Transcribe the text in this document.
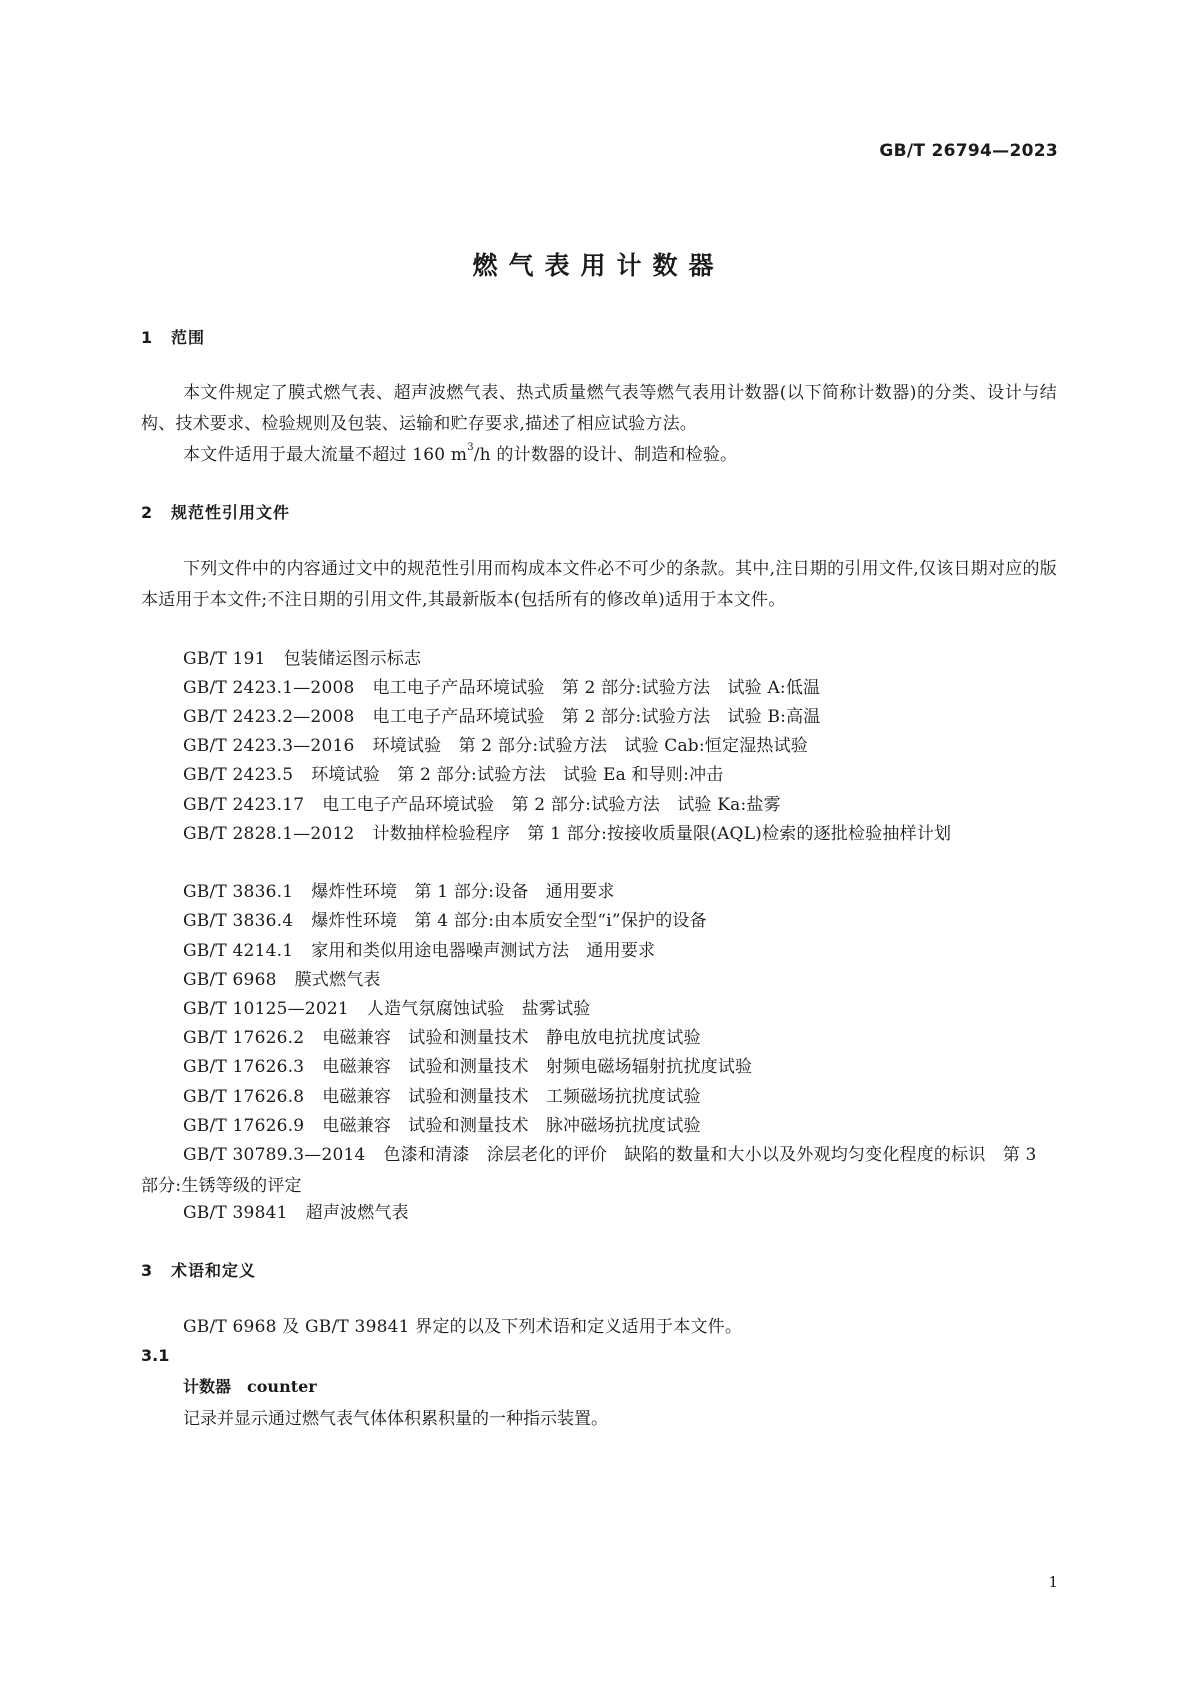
GB/T 26794—2023
燃气表用计数器
1 范围
本文件规定了膜式燃气表、超声波燃气表、热式质量燃气表等燃气表用计数器(以下简称计数器)的分类、设计与结构、技术要求、检验规则及包装、运输和贮存要求,描述了相应试验方法。
本文件适用于最大流量不超过 160 $m^3/h$ 的计数器的设计、制造和检验。
2 规范性引用文件
下列文件中的内容通过文中的规范性引用而构成本文件必不可少的条款。其中,注日期的引用文件,仅该日期对应的版本适用于本文件;不注日期的引用文件,其最新版本(包括所有的修改单)适用于本文件。
GB/T 191 包装储运图示标志
GB/T 2423.1—2008 电工电子产品环境试验　第 2 部分:试验方法　试验 A:低温
GB/T 2423.2—2008 电工电子产品环境试验　第 2 部分:试验方法　试验 B:高温
GB/T 2423.3—2016 环境试验　第 2 部分:试验方法　试验 Cab:恒定湿热试验
GB/T 2423.5 环境试验　第 2 部分:试验方法　试验 Ea 和导则:冲击
GB/T 2423.17 电工电子产品环境试验　第 2 部分:试验方法　试验 Ka:盐雾
GB/T 2828.1—2012 计数抽样检验程序　第 1 部分:按接收质量限(AQL)检索的逐批检验抽样计划
GB/T 3836.1 爆炸性环境　第 1 部分:设备　通用要求
GB/T 3836.4 爆炸性环境　第 4 部分:由本质安全型“i”保护的设备
GB/T 4214.1 家用和类似用途电器噪声测试方法　通用要求
GB/T 6968 膜式燃气表
GB/T 10125—2021 人造气氛腐蚀试验　盐雾试验
GB/T 17626.2 电磁兼容　试验和测量技术　静电放电抗扰度试验
GB/T 17626.3 电磁兼容　试验和测量技术　射频电磁场辐射抗扰度试验
GB/T 17626.8 电磁兼容　试验和测量技术　工频磁场抗扰度试验
GB/T 17626.9 电磁兼容　试验和测量技术　脉冲磁场抗扰度试验
GB/T 30789.3—2014 色漆和清漆　涂层老化的评价　缺陷的数量和大小以及外观均匀变化程度的标识　第 3 部分:生锈等级的评定
GB/T 39841 超声波燃气表
3 术语和定义
GB/T 6968 及 GB/T 39841 界定的以及下列术语和定义适用于本文件。
3.1
计数器 counter
记录并显示通过燃气表气体体积累积量的一种指示装置。
1
